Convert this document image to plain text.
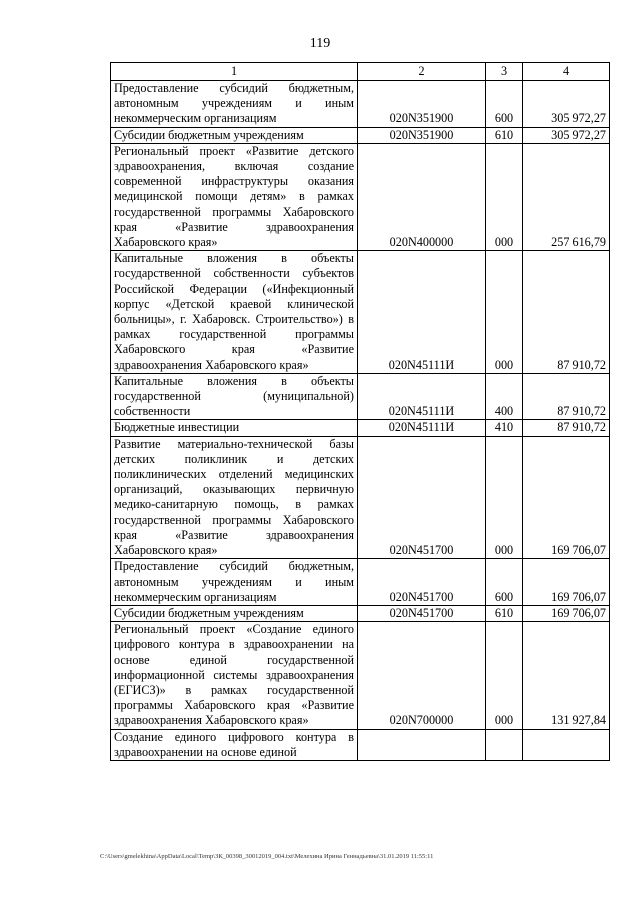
119
1	2	3	4
Предоставление субсидий бюджетным, автономным учреждениям и иным некоммерческим организациям	020N351900	600	305 972,27
Субсидии бюджетным учреждениям	020N351900	610	305 972,27
Региональный проект «Развитие детского здравоохранения, включая создание современной инфраструктуры оказания медицинской помощи детям» в рамках государственной программы Хабаровского края «Развитие здравоохранения Хабаровского края»	020N400000	000	257 616,79
Капитальные вложения в объекты государственной собственности субъектов Российской Федерации («Инфекционный корпус «Детской краевой клинической больницы», г. Хабаровск. Строительство») в рамках государственной программы Хабаровского края «Развитие здравоохранения Хабаровского края»	020N45111И	000	87 910,72
Капитальные вложения в объекты государственной (муниципальной) собственности	020N45111И	400	87 910,72
Бюджетные инвестиции	020N45111И	410	87 910,72
Развитие материально-технической базы детских поликлиник и детских поликлинических отделений медицинских организаций, оказывающих первичную медико-санитарную помощь, в рамках государственной программы Хабаровского края «Развитие здравоохранения Хабаровского края»	020N451700	000	169 706,07
Предоставление субсидий бюджетным, автономным учреждениям и иным некоммерческим организациям	020N451700	600	169 706,07
Субсидии бюджетным учреждениям	020N451700	610	169 706,07
Региональный проект «Создание единого цифрового контура в здравоохранении на основе единой государственной информационной системы здравоохранения (ЕГИСЗ)» в рамках государственной программы Хабаровского края «Развитие здравоохранения Хабаровского края»	020N700000	000	131 927,84
Создание единого цифрового контура в здравоохранении на основе единой			
C:\Users\gmelekhina\AppData\Local\Temp\ЗК_00398_30012019_004.txt\Мелехина Ирина Геннадьевна\31.01.2019 11:55:11
